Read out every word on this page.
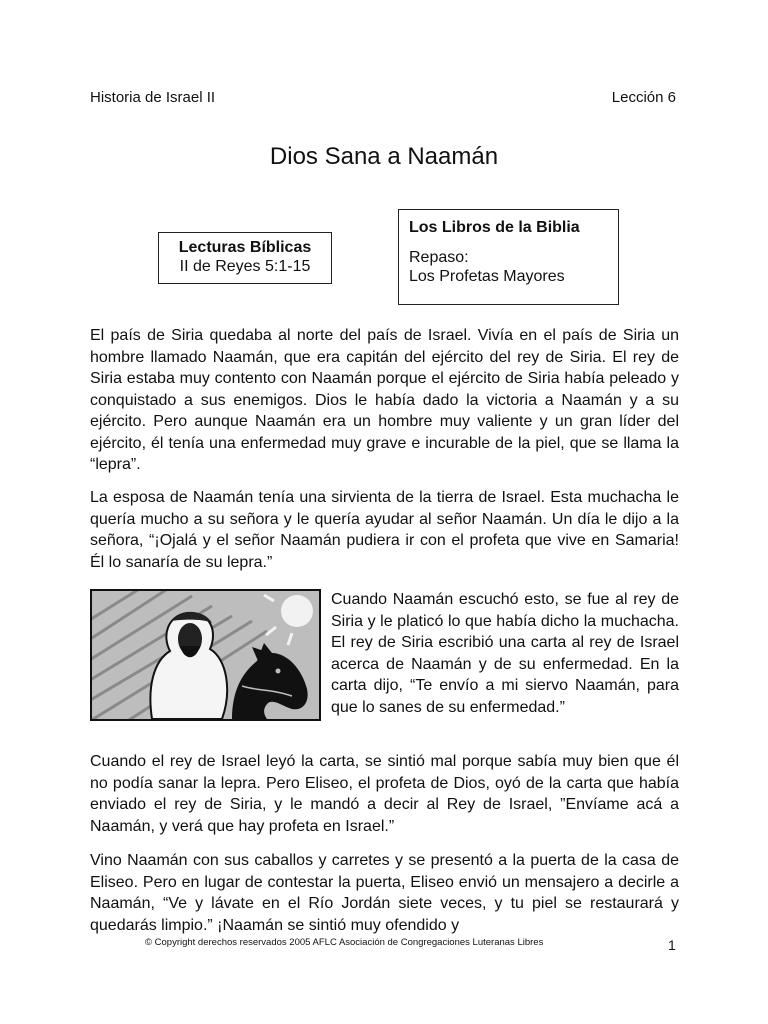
Historia de Israel II	Lección 6
Dios Sana a Naamán
Lecturas Bíblicas
II de Reyes 5:1-15
Los Libros de la Biblia
Repaso:
Los Profetas Mayores

El país de Siria quedaba al norte del país de Israel. Vivía en el país de Siria un hombre llamado Naamán, que era capitán del ejército del rey de Siria. El rey de Siria estaba muy contento con Naamán porque el ejército de Siria había peleado y conquistado a sus enemigos. Dios le había dado la victoria a Naamán y a su ejército. Pero aunque Naamán era un hombre muy valiente y un gran líder del ejército, él tenía una enfermedad muy grave e incurable de la piel, que se llama la “lepra”.

La esposa de Naamán tenía una sirvienta de la tierra de Israel. Esta muchacha le quería mucho a su señora y le quería ayudar al señor Naamán. Un día le dijo a la señora, “¡Ojalá y el señor Naamán pudiera ir con el profeta que vive en Samaria! Él lo sanaría de su lepra.”

Cuando Naamán escuchó esto, se fue al rey de Siria y le platicó lo que había dicho la muchacha. El rey de Siria escribió una carta al rey de Israel acerca de Naamán y de su enfermedad. En la carta dijo, “Te envío a mi siervo Naamán, para que lo sanes de su enfermedad.”

Cuando el rey de Israel leyó la carta, se sintió mal porque sabía muy bien que él no podía sanar la lepra. Pero Eliseo, el profeta de Dios, oyó de la carta que había enviado el rey de Siria, y le mandó a decir al Rey de Israel, ”Envíame acá a Naamán, y verá que hay profeta en Israel.”

Vino Naamán con sus caballos y carretes y se presentó a la puerta de la casa de Eliseo. Pero en lugar de contestar la puerta, Eliseo envió un mensajero a decirle a Naamán, “Ve y lávate en el Río Jordán siete veces, y tu piel se restaurará y quedarás limpio.” ¡Naamán se sintió muy ofendido y

© Copyright derechos reservados 2005 AFLC Asociación de Congregaciones Luteranas Libres	1
